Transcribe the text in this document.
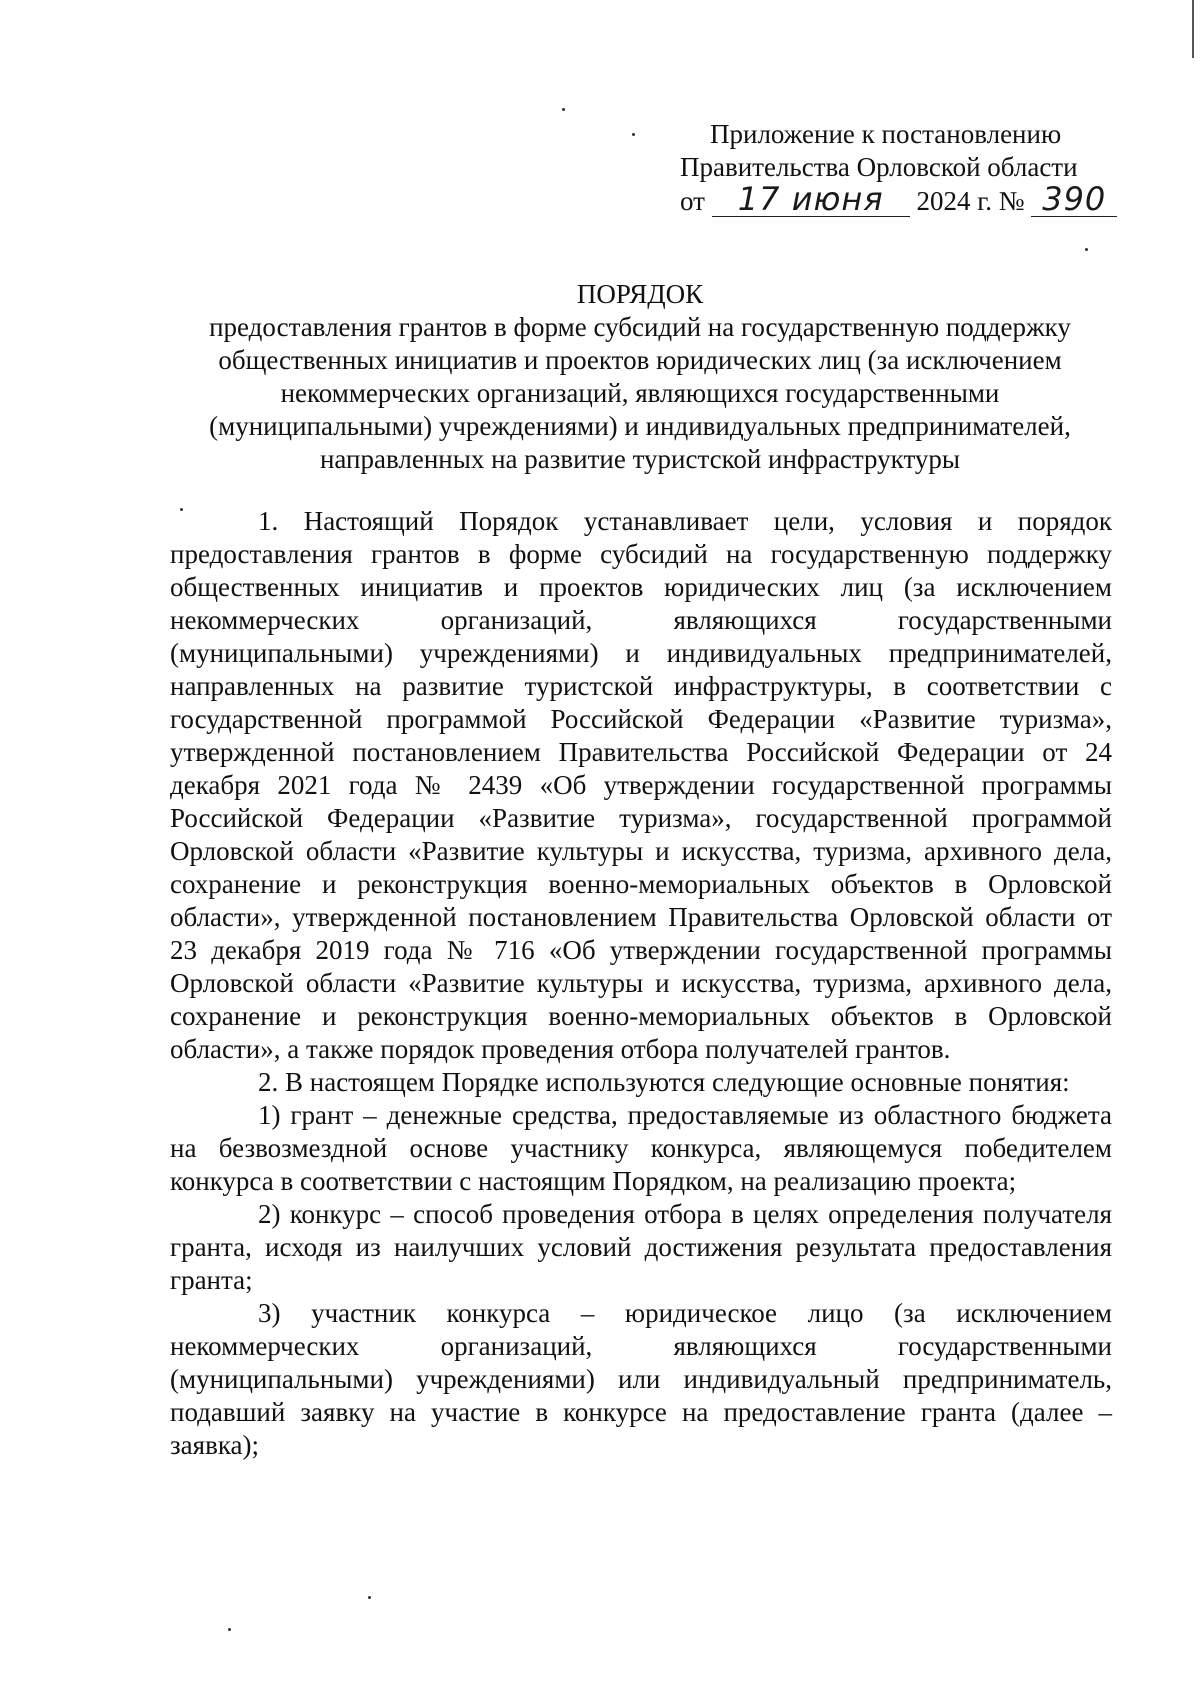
Приложение к постановлению
Правительства Орловской области
от 17 июня 2024 г. № 390
ПОРЯДОК
предоставления грантов в форме субсидий на государственную поддержку общественных инициатив и проектов юридических лиц (за исключением некоммерческих организаций, являющихся государственными (муниципальными) учреждениями) и индивидуальных предпринимателей, направленных на развитие туристской инфраструктуры

1. Настоящий Порядок устанавливает цели, условия и порядок предоставления грантов в форме субсидий на государственную поддержку общественных инициатив и проектов юридических лиц (за исключением некоммерческих организаций, являющихся государственными (муниципальными) учреждениями) и индивидуальных предпринимателей, направленных на развитие туристской инфраструктуры, в соответствии с государственной программой Российской Федерации «Развитие туризма», утвержденной постановлением Правительства Российской Федерации от 24 декабря 2021 года № 2439 «Об утверждении государственной программы Российской Федерации «Развитие туризма», государственной программой Орловской области «Развитие культуры и искусства, туризма, архивного дела, сохранение и реконструкция военно-мемориальных объектов в Орловской области», утвержденной постановлением Правительства Орловской области от 23 декабря 2019 года № 716 «Об утверждении государственной программы Орловской области «Развитие культуры и искусства, туризма, архивного дела, сохранение и реконструкция военно-мемориальных объектов в Орловской области», а также порядок проведения отбора получателей грантов.

2. В настоящем Порядке используются следующие основные понятия:

1) грант – денежные средства, предоставляемые из областного бюджета на безвозмездной основе участнику конкурса, являющемуся победителем конкурса в соответствии с настоящим Порядком, на реализацию проекта;

2) конкурс – способ проведения отбора в целях определения получателя гранта, исходя из наилучших условий достижения результата предоставления гранта;

3) участник конкурса – юридическое лицо (за исключением некоммерческих организаций, являющихся государственными (муниципальными) учреждениями) или индивидуальный предприниматель, подавший заявку на участие в конкурсе на предоставление гранта (далее – заявка);
